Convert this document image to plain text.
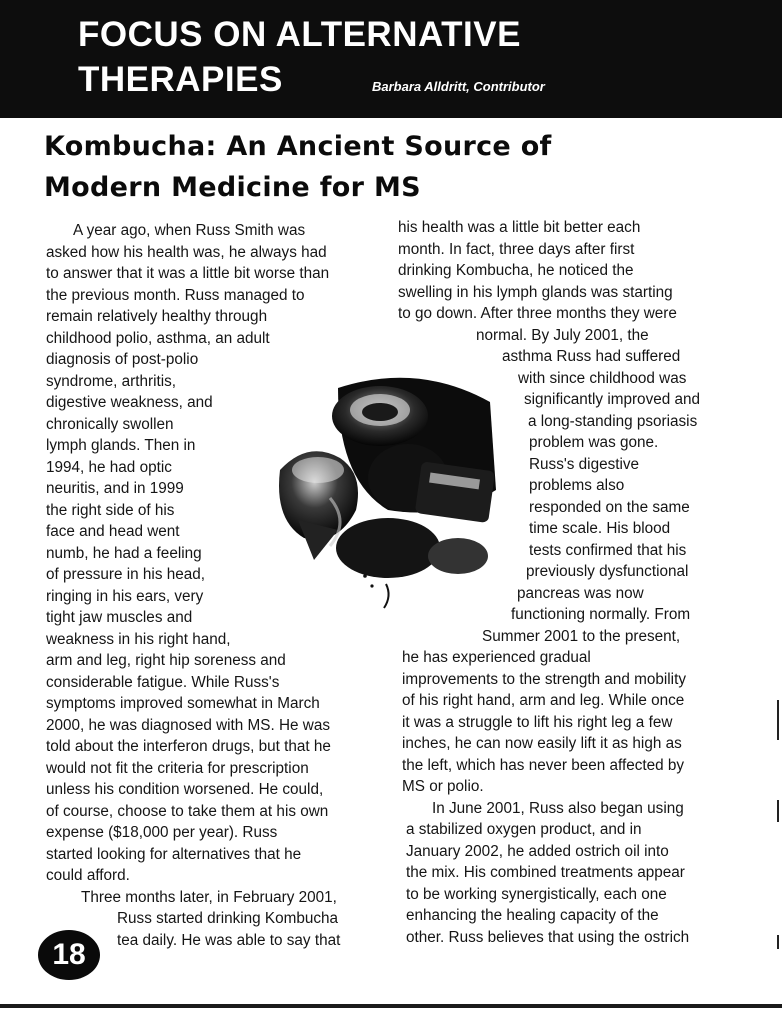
FOCUS ON ALTERNATIVE
THERAPIES	Barbara Alldritt, Contributor
Kombucha: An Ancient Source of
Modern Medicine for MS
A year ago, when Russ Smith was
asked how his health was, he always had
to answer that it was a little bit worse than
the previous month. Russ managed to
remain relatively healthy through
childhood polio, asthma, an adult
diagnosis of post-polio
syndrome, arthritis,
digestive weakness, and
chronically swollen
lymph glands. Then in
1994, he had optic
neuritis, and in 1999
the right side of his
face and head went
numb, he had a feeling
of pressure in his head,
ringing in his ears, very
tight jaw muscles and
weakness in his right hand,
arm and leg, right hip soreness and
considerable fatigue. While Russ's
symptoms improved somewhat in March
2000, he was diagnosed with MS. He was
told about the interferon drugs, but that he
would not fit the criteria for prescription
unless his condition worsened. He could,
of course, choose to take them at his own
expense ($18,000 per year). Russ
started looking for alternatives that he
could afford.
Three months later, in February 2001,
Russ started drinking Kombucha
tea daily. He was able to say that
his health was a little bit better each
month. In fact, three days after first
drinking Kombucha, he noticed the
swelling in his lymph glands was starting
to go down. After three months they were
normal. By July 2001, the
asthma Russ had suffered
with since childhood was
significantly improved and
a long-standing psoriasis
problem was gone.
Russ's digestive
problems also
responded on the same
time scale. His blood
tests confirmed that his
previously dysfunctional
pancreas was now
functioning normally. From
Summer 2001 to the present,
he has experienced gradual
improvements to the strength and mobility
of his right hand, arm and leg. While once
it was a struggle to lift his right leg a few
inches, he can now easily lift it as high as
the left, which has never been affected by
MS or polio.
In June 2001, Russ also began using
a stabilized oxygen product, and in
January 2002, he added ostrich oil into
the mix. His combined treatments appear
to be working synergistically, each one
enhancing the healing capacity of the
other. Russ believes that using the ostrich
18
